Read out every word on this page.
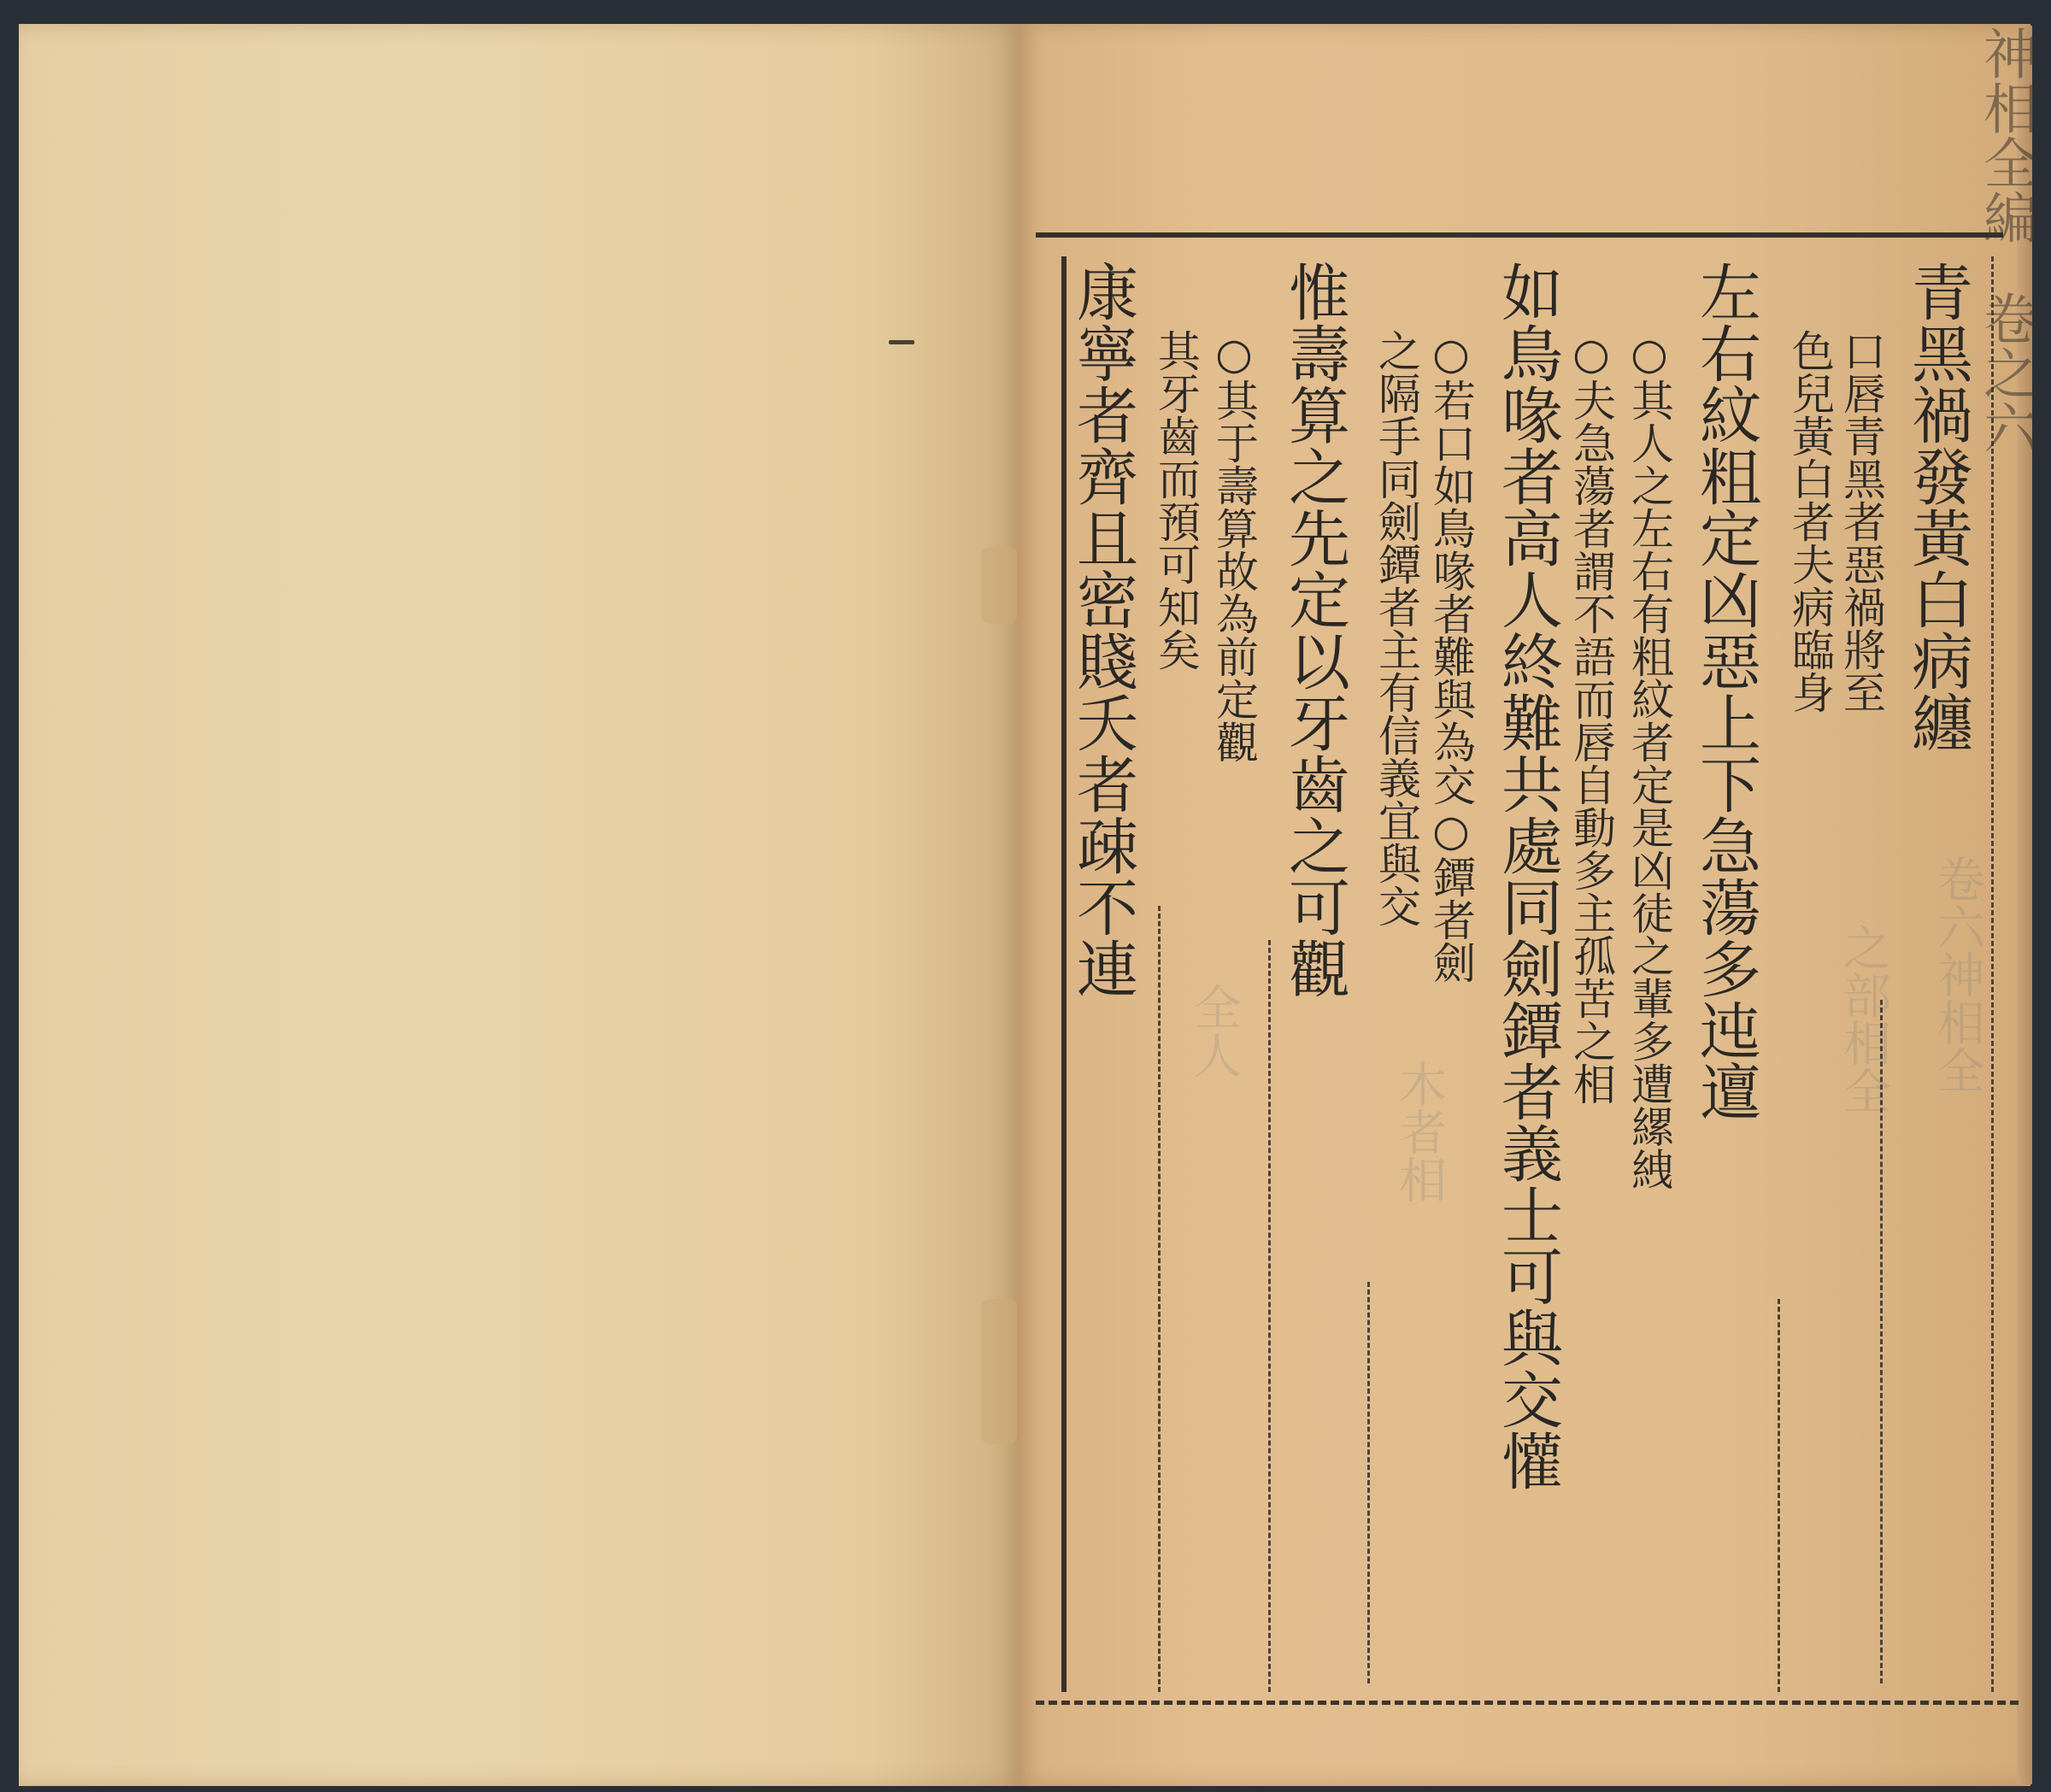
卷六神相全
之部相全
木者相
全人
神相全編
卷之六
青黑禍發黃白病纏
口唇青黑者惡禍將至
色兒黃白者夫病臨身
左右紋粗定凶惡上下急蕩多迍邅
○其人之左右有粗紋者定是凶徒之輩多遭縲絏
○夫急蕩者謂不語而唇自動多主孤苦之相
如鳥喙者高人終難共處同劍鐔者義士可與交懽
○若口如鳥喙者難與為交○鐔者劍
之隔手同劍鐔者主有信義宜與交
惟壽算之先定以牙齒之可觀
○其于壽算故為前定觀
其牙齒而預可知矣
康寧者齊且密賤夭者疎不連
